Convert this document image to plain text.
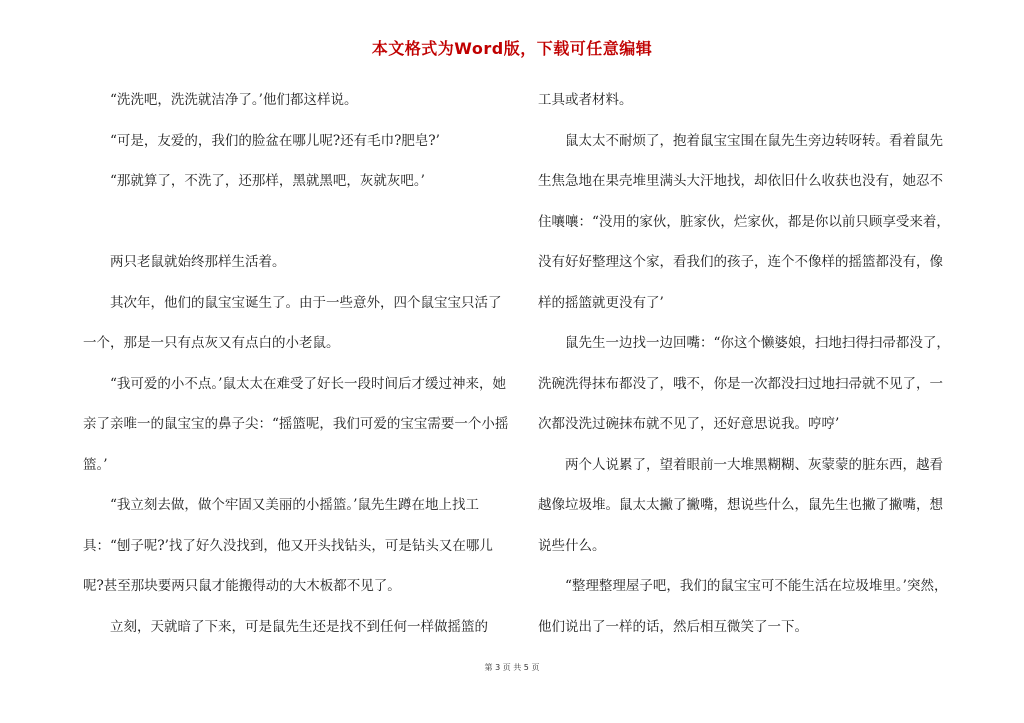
本文格式为Word版，下载可任意编辑

“洗洗吧，洗洗就洁净了。’他们都这样说。

“可是，友爱的，我们的脸盆在哪儿呢?还有毛巾?肥皂?’

“那就算了，不洗了，还那样，黑就黑吧，灰就灰吧。’

两只老鼠就始终那样生活着。

其次年，他们的鼠宝宝诞生了。由于一些意外，四个鼠宝宝只活了一个，那是一只有点灰又有点白的小老鼠。

“我可爱的小不点。’鼠太太在难受了好长一段时间后才缓过神来，她亲了亲唯一的鼠宝宝的鼻子尖：“摇篮呢，我们可爱的宝宝需要一个小摇篮。’

“我立刻去做，做个牢固又美丽的小摇篮。’鼠先生蹲在地上找工具：“刨子呢?’找了好久没找到，他又开头找钻头，可是钻头又在哪儿呢?甚至那块要两只鼠才能搬得动的大木板都不见了。

立刻，天就暗了下来，可是鼠先生还是找不到任何一样做摇篮的

工具或者材料。

鼠太太不耐烦了，抱着鼠宝宝围在鼠先生旁边转呀转。看着鼠先生焦急地在果壳堆里满头大汗地找，却依旧什么收获也没有，她忍不住嚷嚷：“没用的家伙，脏家伙，烂家伙，都是你以前只顾享受来着，没有好好整理这个家，看我们的孩子，连个不像样的摇篮都没有，像样的摇篮就更没有了’

鼠先生一边找一边回嘴：“你这个懒婆娘，扫地扫得扫帚都没了，洗碗洗得抹布都没了，哦不，你是一次都没扫过地扫帚就不见了，一次都没洗过碗抹布就不见了，还好意思说我。哼哼’

两个人说累了，望着眼前一大堆黑糊糊、灰蒙蒙的脏东西，越看越像垃圾堆。鼠太太撇了撇嘴，想说些什么，鼠先生也撇了撇嘴，想说些什么。

“整理整理屋子吧，我们的鼠宝宝可不能生活在垃圾堆里。’突然，他们说出了一样的话，然后相互微笑了一下。

第 3 页 共 5 页
